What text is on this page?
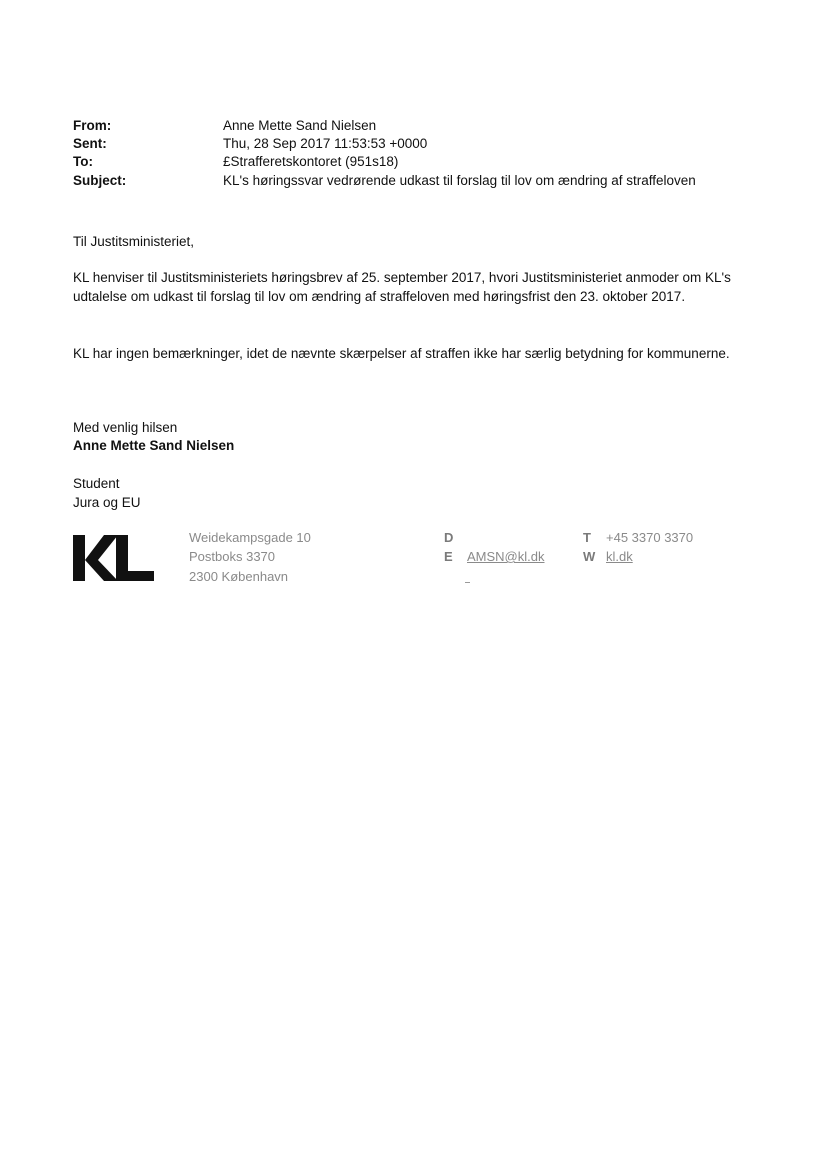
From:	Anne Mette Sand Nielsen
Sent:	Thu, 28 Sep 2017 11:53:53 +0000
To:	£Strafferetskontoret (951s18)
Subject:	KL's høringssvar vedrørende udkast til forslag til lov om ændring af straffeloven
Til Justitsministeriet,
KL henviser til Justitsministeriets høringsbrev af 25. september 2017, hvori Justitsministeriet anmoder om KL's udtalelse om udkast til forslag til lov om ændring af straffeloven med høringsfrist den 23. oktober 2017.
KL har ingen bemærkninger, idet de nævnte skærpelser af straffen ikke har særlig betydning for kommunerne.
Med venlig hilsen
Anne Mette Sand Nielsen
Student
Jura og EU
Weidekampsgade 10
Postboks 3370
2300 København
D
E AMSN@kl.dk
T +45 3370 3370
W kl.dk
